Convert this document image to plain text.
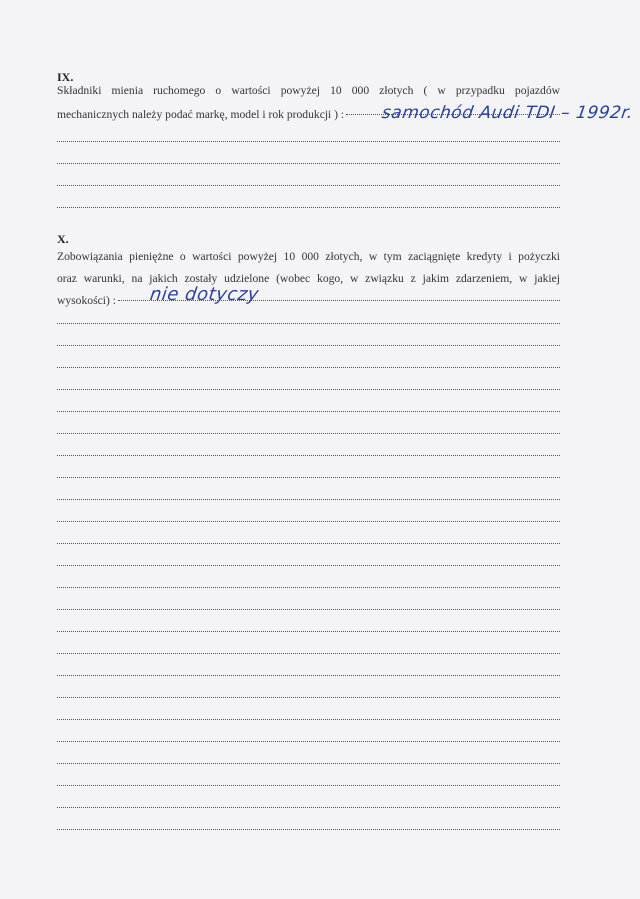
IX.
Składniki mienia ruchomego o wartości powyżej 10 000 złotych ( w przypadku pojazdów
mechanicznych należy podać markę, model i rok produkcji ) : samochód Audi TDI – 1992r.
X.
Zobowiązania pieniężne o wartości powyżej 10 000 złotych, w tym zaciągnięte kredyty i pożyczki
oraz warunki, na jakich zostały udzielone (wobec kogo, w związku z jakim zdarzeniem, w jakiej
wysokości) : nie dotyczy
